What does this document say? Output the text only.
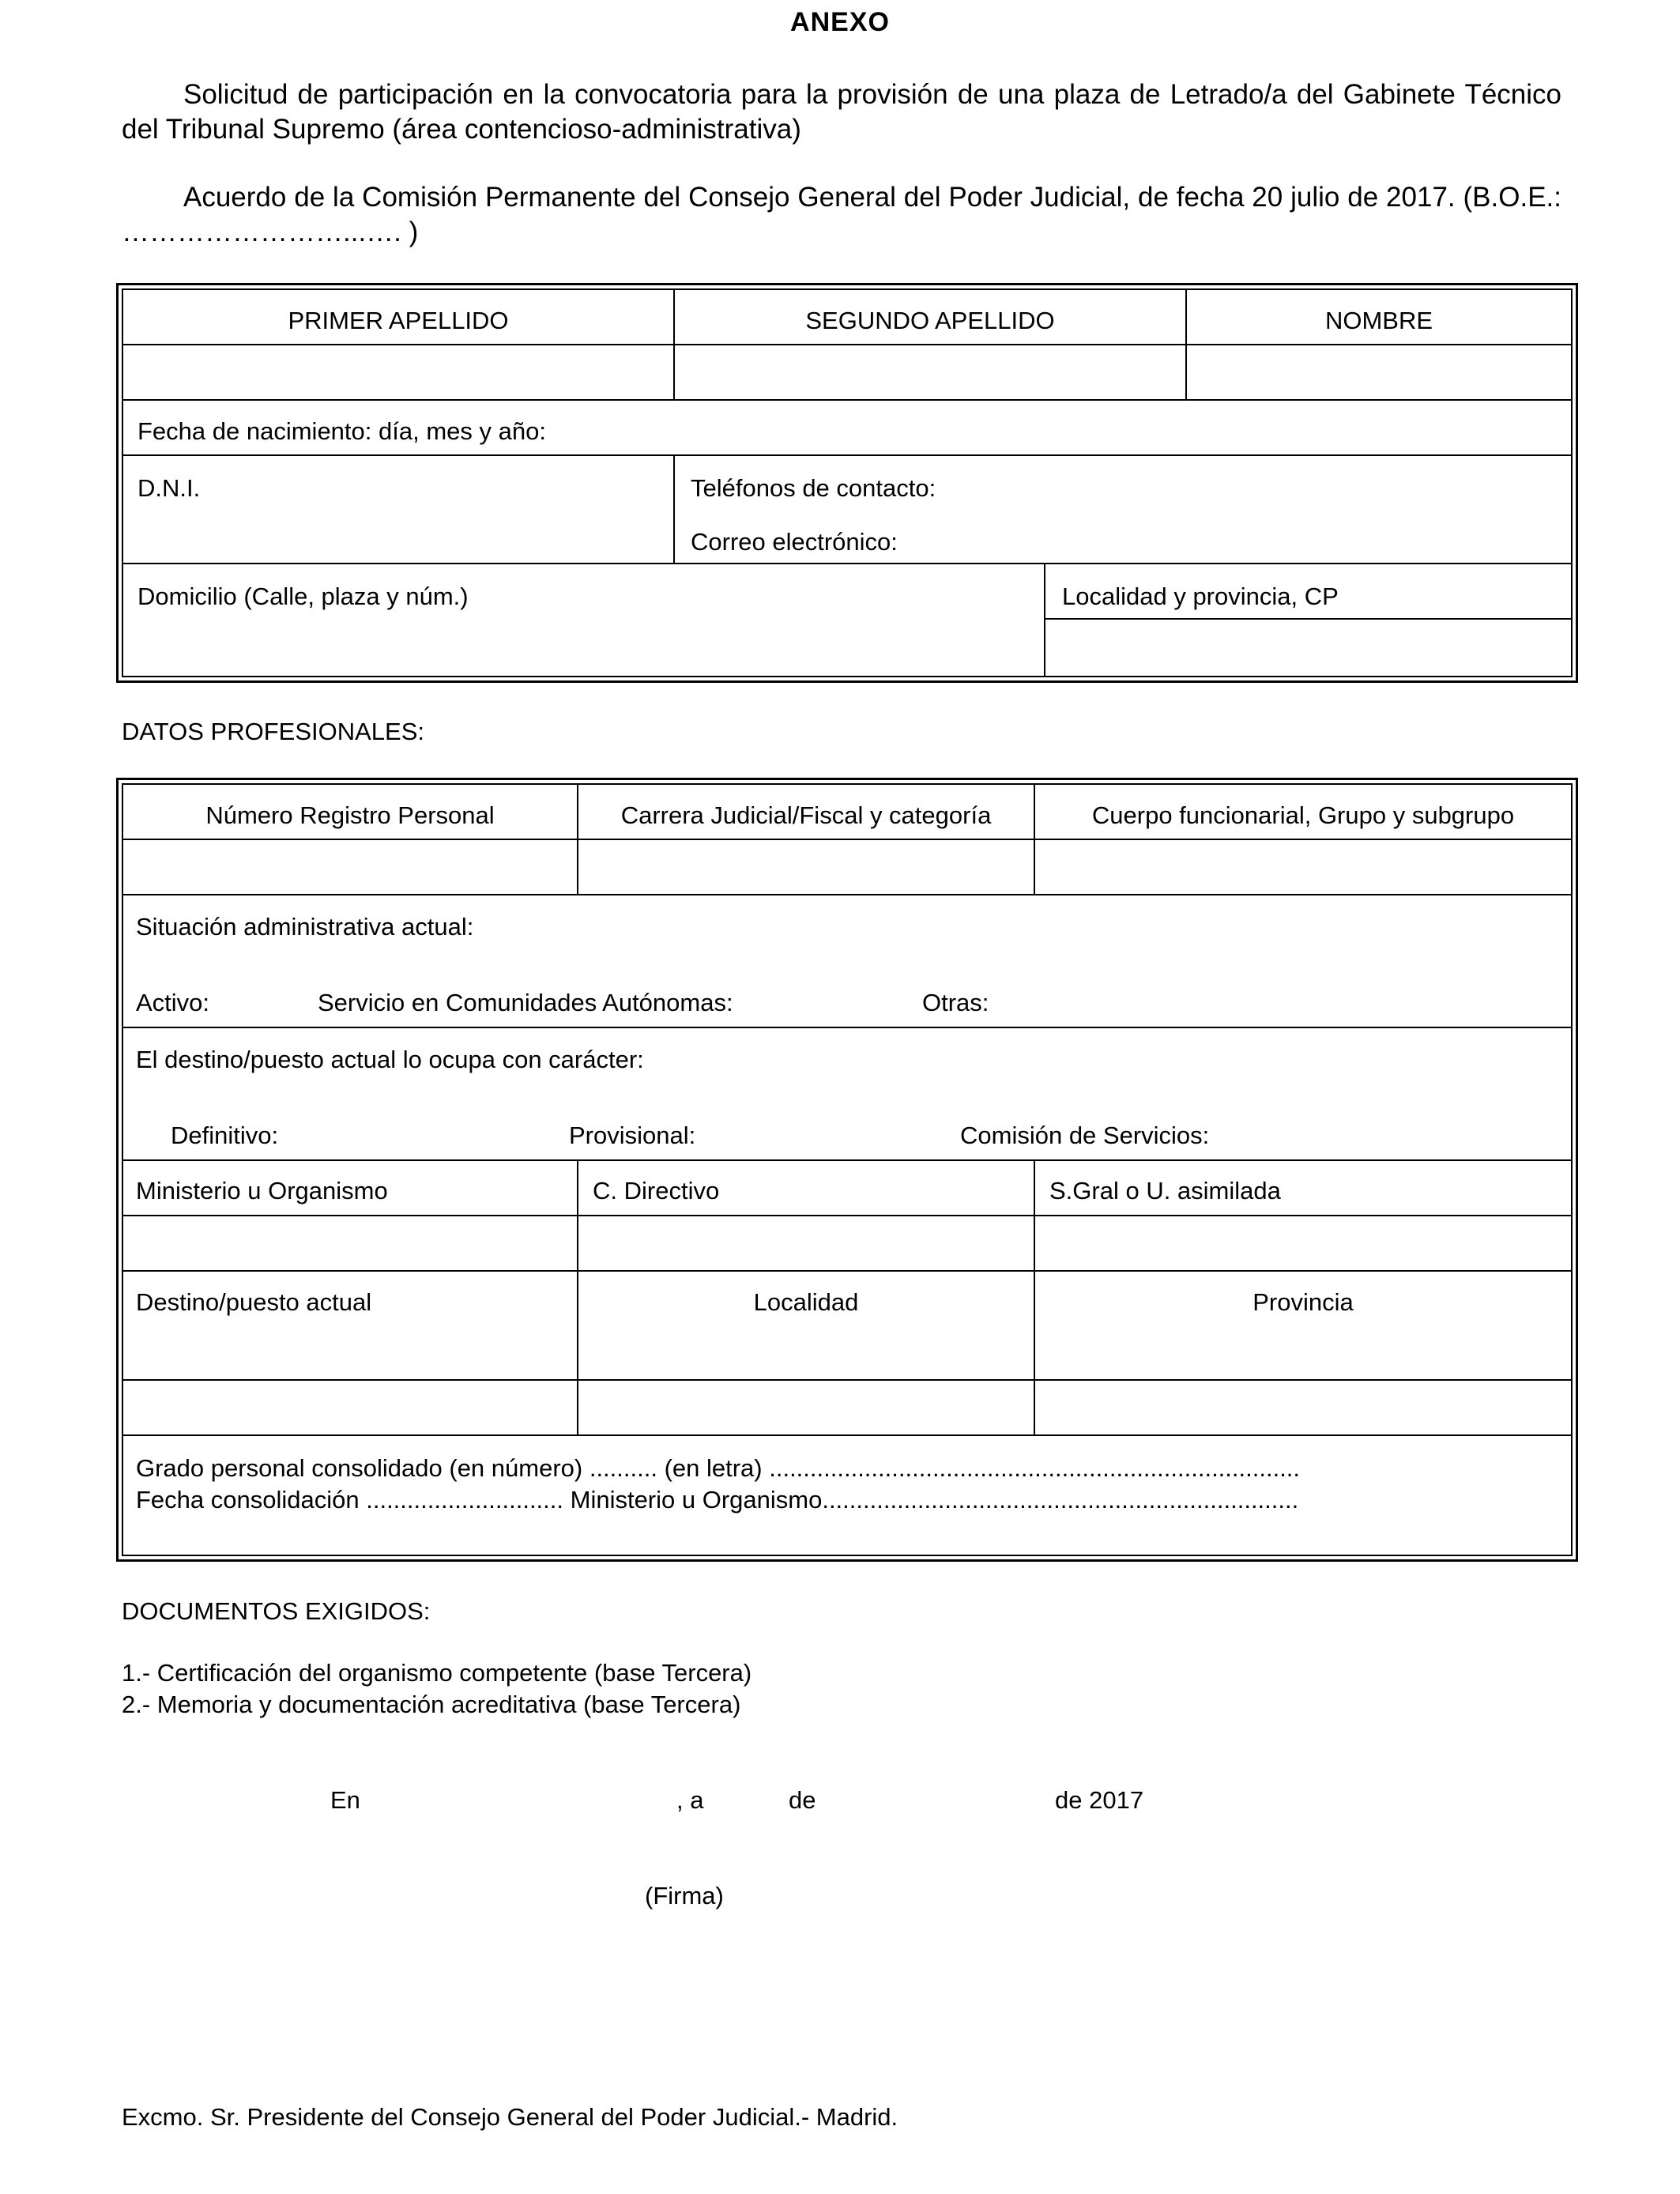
ANEXO
Solicitud de participación en la convocatoria para la provisión de una plaza de Letrado/a del Gabinete Técnico del Tribunal Supremo (área contencioso-administrativa)
Acuerdo de la Comisión Permanente del Consejo General del Poder Judicial, de fecha 20 julio de 2017. (B.O.E.: ……………………...…. )
PRIMER APELLIDO	SEGUNDO APELLIDO	NOMBRE
Fecha de nacimiento: día, mes y año:
D.N.I.	Teléfonos de contacto:
Correo electrónico:
Domicilio (Calle, plaza y núm.)	Localidad y provincia, CP
DATOS PROFESIONALES:
Número Registro Personal	Carrera Judicial/Fiscal y categoría	Cuerpo funcionarial, Grupo y subgrupo
Situación administrativa actual:
Activo:	Servicio en Comunidades Autónomas:	Otras:
El destino/puesto actual lo ocupa con carácter:
Definitivo:	Provisional:	Comisión de Servicios:
Ministerio u Organismo	C. Directivo	S.Gral o U. asimilada
Destino/puesto actual	Localidad	Provincia
Grado personal consolidado (en número) .......... (en letra) ..............................................................................
Fecha consolidación ............................. Ministerio u Organismo......................................................................
DOCUMENTOS EXIGIDOS:
1.- Certificación del organismo competente (base Tercera)
2.- Memoria y documentación acreditativa (base Tercera)
En	, a	de	de 2017
(Firma)
Excmo. Sr. Presidente del Consejo General del Poder Judicial.- Madrid.
